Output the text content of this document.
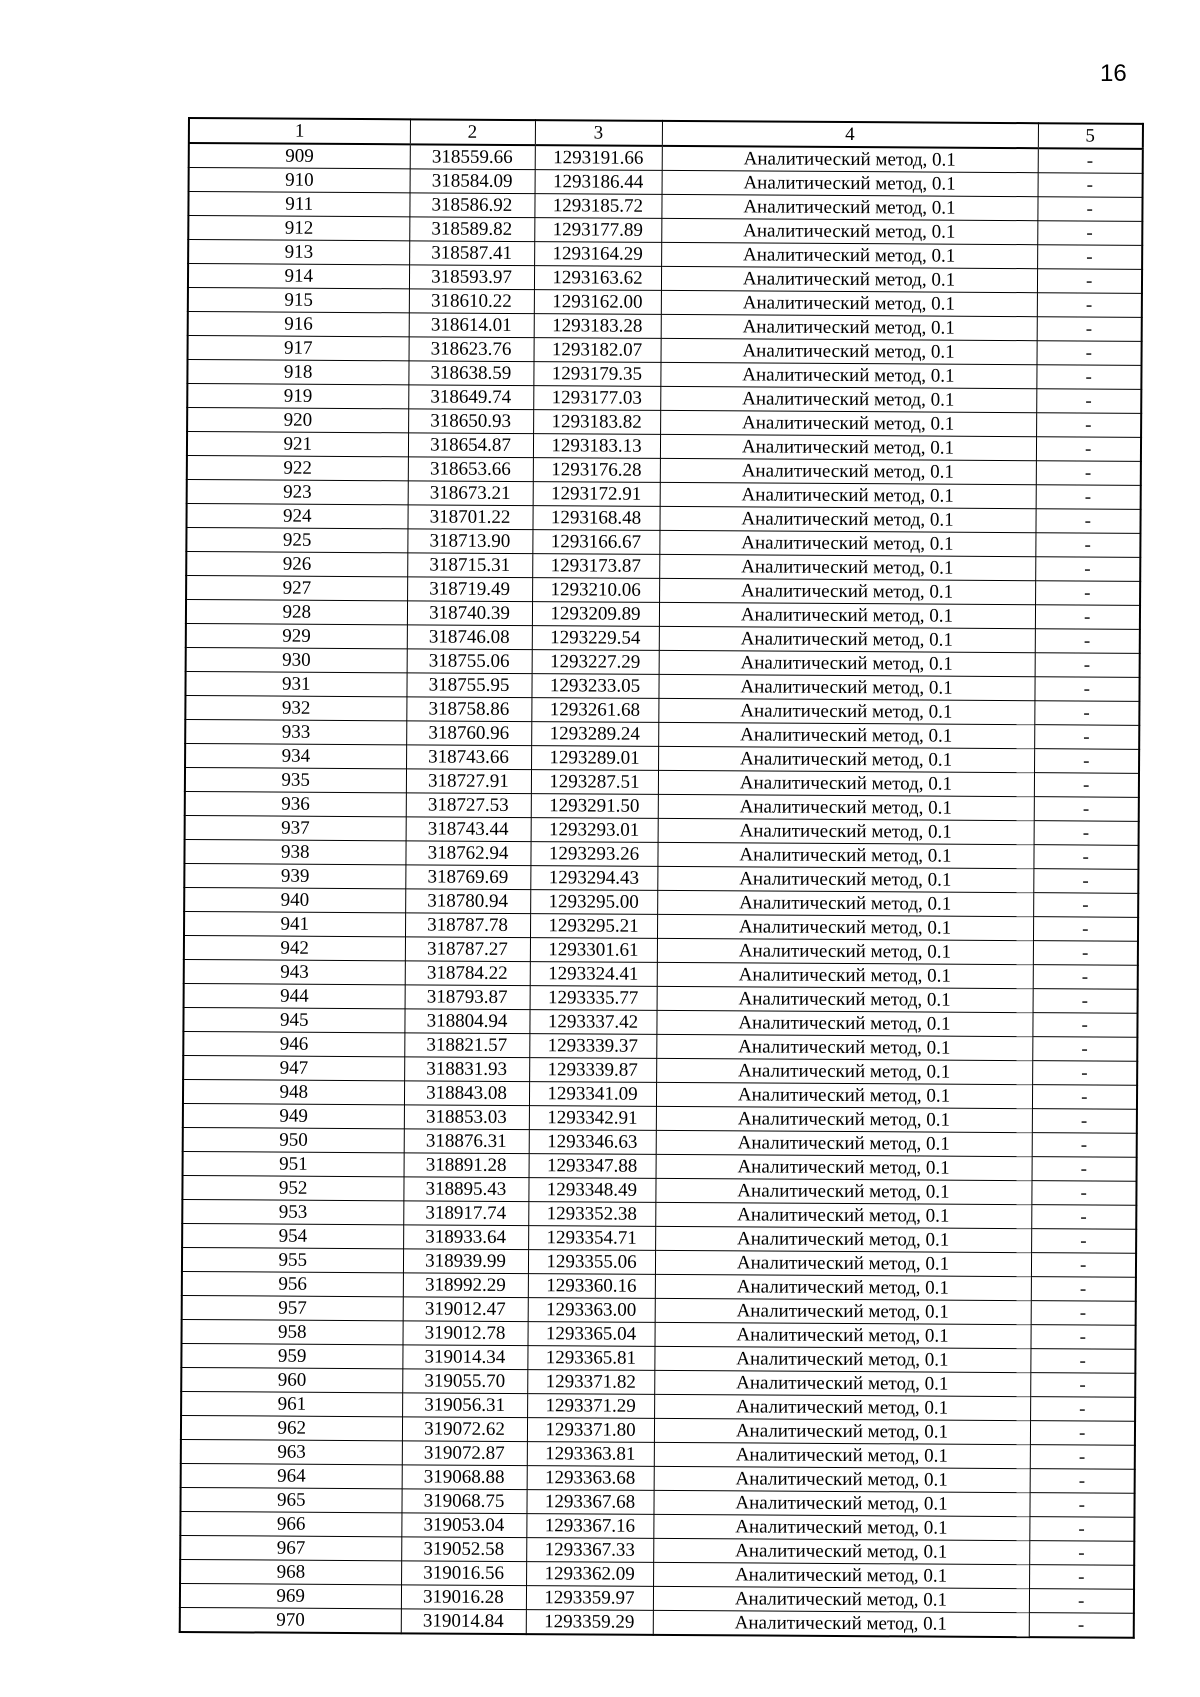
16
1	2	3	4	5
909	318559.66	1293191.66	Аналитический метод, 0.1	-
910	318584.09	1293186.44	Аналитический метод, 0.1	-
911	318586.92	1293185.72	Аналитический метод, 0.1	-
912	318589.82	1293177.89	Аналитический метод, 0.1	-
913	318587.41	1293164.29	Аналитический метод, 0.1	-
914	318593.97	1293163.62	Аналитический метод, 0.1	-
915	318610.22	1293162.00	Аналитический метод, 0.1	-
916	318614.01	1293183.28	Аналитический метод, 0.1	-
917	318623.76	1293182.07	Аналитический метод, 0.1	-
918	318638.59	1293179.35	Аналитический метод, 0.1	-
919	318649.74	1293177.03	Аналитический метод, 0.1	-
920	318650.93	1293183.82	Аналитический метод, 0.1	-
921	318654.87	1293183.13	Аналитический метод, 0.1	-
922	318653.66	1293176.28	Аналитический метод, 0.1	-
923	318673.21	1293172.91	Аналитический метод, 0.1	-
924	318701.22	1293168.48	Аналитический метод, 0.1	-
925	318713.90	1293166.67	Аналитический метод, 0.1	-
926	318715.31	1293173.87	Аналитический метод, 0.1	-
927	318719.49	1293210.06	Аналитический метод, 0.1	-
928	318740.39	1293209.89	Аналитический метод, 0.1	-
929	318746.08	1293229.54	Аналитический метод, 0.1	-
930	318755.06	1293227.29	Аналитический метод, 0.1	-
931	318755.95	1293233.05	Аналитический метод, 0.1	-
932	318758.86	1293261.68	Аналитический метод, 0.1	-
933	318760.96	1293289.24	Аналитический метод, 0.1	-
934	318743.66	1293289.01	Аналитический метод, 0.1	-
935	318727.91	1293287.51	Аналитический метод, 0.1	-
936	318727.53	1293291.50	Аналитический метод, 0.1	-
937	318743.44	1293293.01	Аналитический метод, 0.1	-
938	318762.94	1293293.26	Аналитический метод, 0.1	-
939	318769.69	1293294.43	Аналитический метод, 0.1	-
940	318780.94	1293295.00	Аналитический метод, 0.1	-
941	318787.78	1293295.21	Аналитический метод, 0.1	-
942	318787.27	1293301.61	Аналитический метод, 0.1	-
943	318784.22	1293324.41	Аналитический метод, 0.1	-
944	318793.87	1293335.77	Аналитический метод, 0.1	-
945	318804.94	1293337.42	Аналитический метод, 0.1	-
946	318821.57	1293339.37	Аналитический метод, 0.1	-
947	318831.93	1293339.87	Аналитический метод, 0.1	-
948	318843.08	1293341.09	Аналитический метод, 0.1	-
949	318853.03	1293342.91	Аналитический метод, 0.1	-
950	318876.31	1293346.63	Аналитический метод, 0.1	-
951	318891.28	1293347.88	Аналитический метод, 0.1	-
952	318895.43	1293348.49	Аналитический метод, 0.1	-
953	318917.74	1293352.38	Аналитический метод, 0.1	-
954	318933.64	1293354.71	Аналитический метод, 0.1	-
955	318939.99	1293355.06	Аналитический метод, 0.1	-
956	318992.29	1293360.16	Аналитический метод, 0.1	-
957	319012.47	1293363.00	Аналитический метод, 0.1	-
958	319012.78	1293365.04	Аналитический метод, 0.1	-
959	319014.34	1293365.81	Аналитический метод, 0.1	-
960	319055.70	1293371.82	Аналитический метод, 0.1	-
961	319056.31	1293371.29	Аналитический метод, 0.1	-
962	319072.62	1293371.80	Аналитический метод, 0.1	-
963	319072.87	1293363.81	Аналитический метод, 0.1	-
964	319068.88	1293363.68	Аналитический метод, 0.1	-
965	319068.75	1293367.68	Аналитический метод, 0.1	-
966	319053.04	1293367.16	Аналитический метод, 0.1	-
967	319052.58	1293367.33	Аналитический метод, 0.1	-
968	319016.56	1293362.09	Аналитический метод, 0.1	-
969	319016.28	1293359.97	Аналитический метод, 0.1	-
970	319014.84	1293359.29	Аналитический метод, 0.1	-
